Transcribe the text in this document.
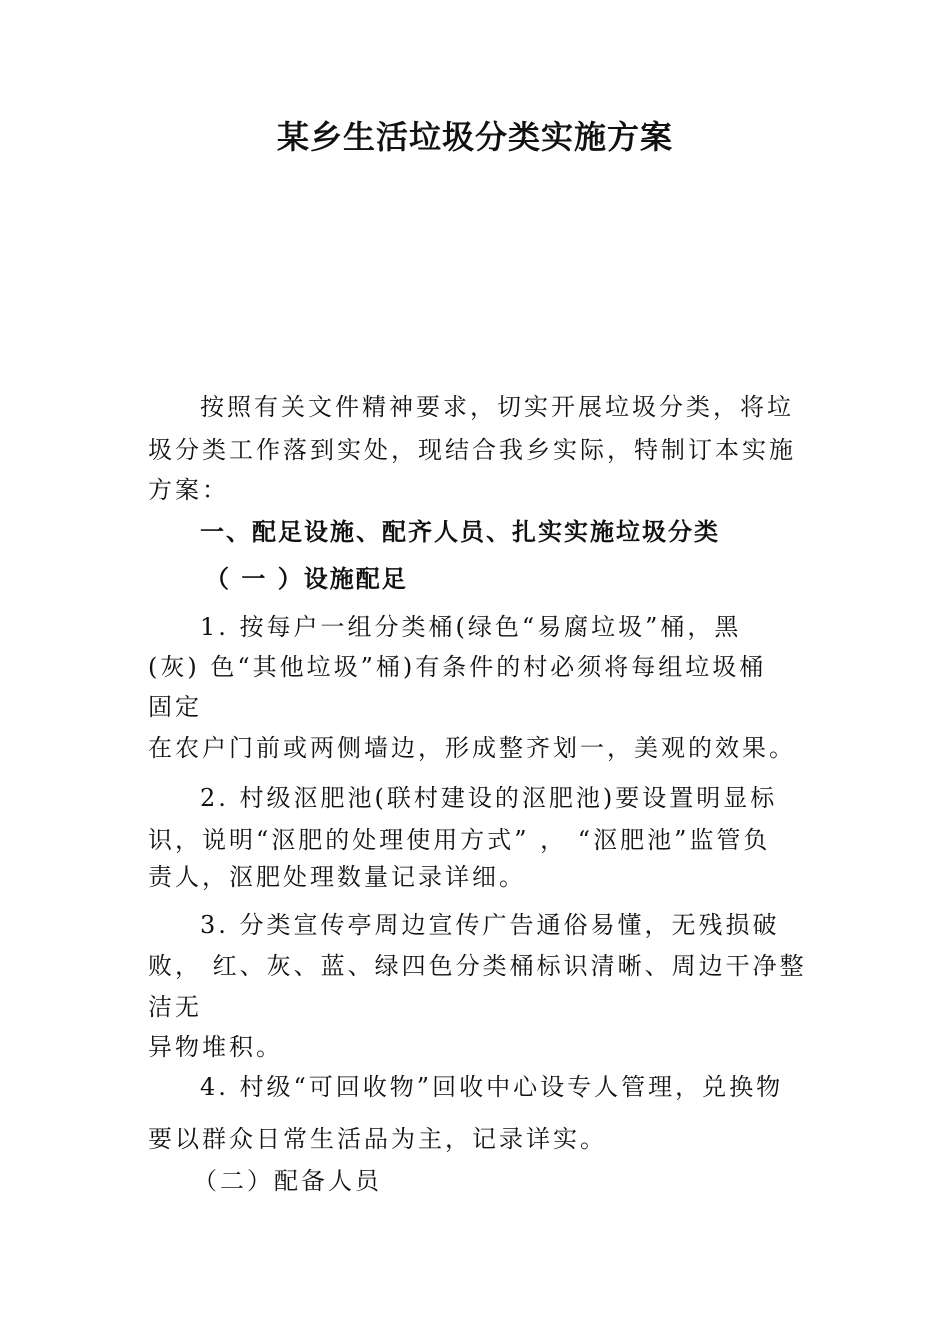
某乡生活垃圾分类实施方案
按照有关文件精神要求，切实开展垃圾分类，将垃
圾分类工作落到实处，现结合我乡实际，特制订本实施
方案：
一、配足设施、配齐人员、扎实实施垃圾分类
（ 一 ）设施配足
1. 按每户一组分类桶(绿色“易腐垃圾”桶，黑
(灰) 色“其他垃圾”桶)有条件的村必须将每组垃圾桶
固定
在农户门前或两侧墙边，形成整齐划一，美观的效果。
2. 村级沤肥池(联村建设的沤肥池)要设置明显标
识，说明“沤肥的处理使用方式” ， “沤肥池”监管负
责人，沤肥处理数量记录详细。
3. 分类宣传亭周边宣传广告通俗易懂，无残损破
败， 红、灰、蓝、绿四色分类桶标识清晰、周边干净整
洁无
异物堆积。
4. 村级“可回收物”回收中心设专人管理，兑换物
要以群众日常生活品为主，记录详实。
（二）配备人员
